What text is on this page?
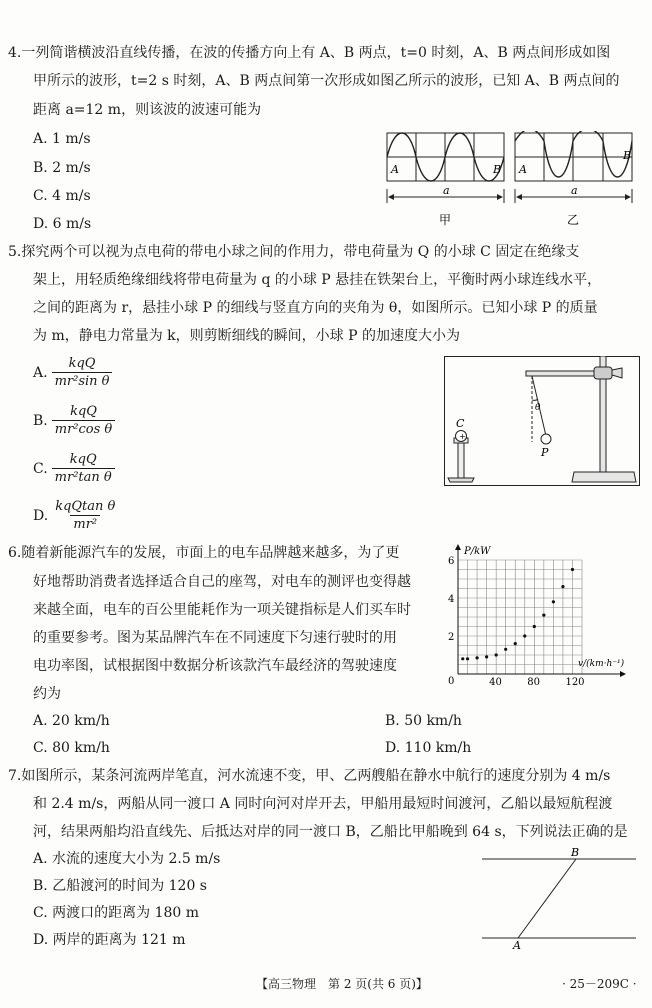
4.一列简谐横波沿直线传播，在波的传播方向上有 A、B 两点，t=0 时刻，A、B 两点间形成如图
甲所示的波形，t=2 s 时刻，A、B 两点间第一次形成如图乙所示的波形，已知 A、B 两点间的
距离 a=12 m，则该波的波速可能为
A. 1 m/s
B. 2 m/s
C. 4 m/s
D. 6 m/s
A	B A
B
a	a
甲	乙
5.探究两个可以视为点电荷的带电小球之间的作用力，带电荷量为 Q 的小球 C 固定在绝缘支
架上，用轻质绝缘细线将带电荷量为 q 的小球 P 悬挂在铁架台上，平衡时两小球连线水平，
之间的距离为 r，悬挂小球 P 的细线与竖直方向的夹角为 θ，如图所示。已知小球 P 的质量
为 m，静电力常量为 k，则剪断细线的瞬间，小球 P 的加速度大小为
A. $\frac{\text{kqQ}}{\text{mr²sin θ}}$
B. $\frac{\text{kqQ}}{\text{mr²cos θ}}$
C. $\frac{\text{kqQ}}{\text{mr²tan θ}}$
D. $\frac{\text{kqQtan θ}}{\text{mr²}}$
+
C
θ
P
6.随着新能源汽车的发展，市面上的电车品牌越来越多，为了更
好地帮助消费者选择适合自己的座驾，对电车的测评也变得越
来越全面，电车的百公里能耗作为一项关键指标是人们买车时
的重要参考。图为某品牌汽车在不同速度下匀速行驶时的用
电功率图，试根据图中数据分析该款汽车最经济的驾驶速度
约为
A. 20 km/h	B. 50 km/h
C. 80 km/h	D. 110 km/h
40	80	120
2
4
6
0
P/kW
v/(km·h⁻¹)
7.如图所示，某条河流两岸笔直，河水流速不变，甲、乙两艘船在静水中航行的速度分别为 4 m/s
和 2.4 m/s，两船从同一渡口 A 同时向河对岸开去，甲船用最短时间渡河，乙船以最短航程渡
河，结果两船均沿直线先、后抵达对岸的同一渡口 B，乙船比甲船晚到 64 s，下列说法正确的是
A. 水流的速度大小为 2.5 m/s
B. 乙船渡河的时间为 120 s
C. 两渡口的距离为 180 m
D. 两岸的距离为 121 m
B
A
【高三物理　第 2 页(共 6 页)】	· 25－209C ·
